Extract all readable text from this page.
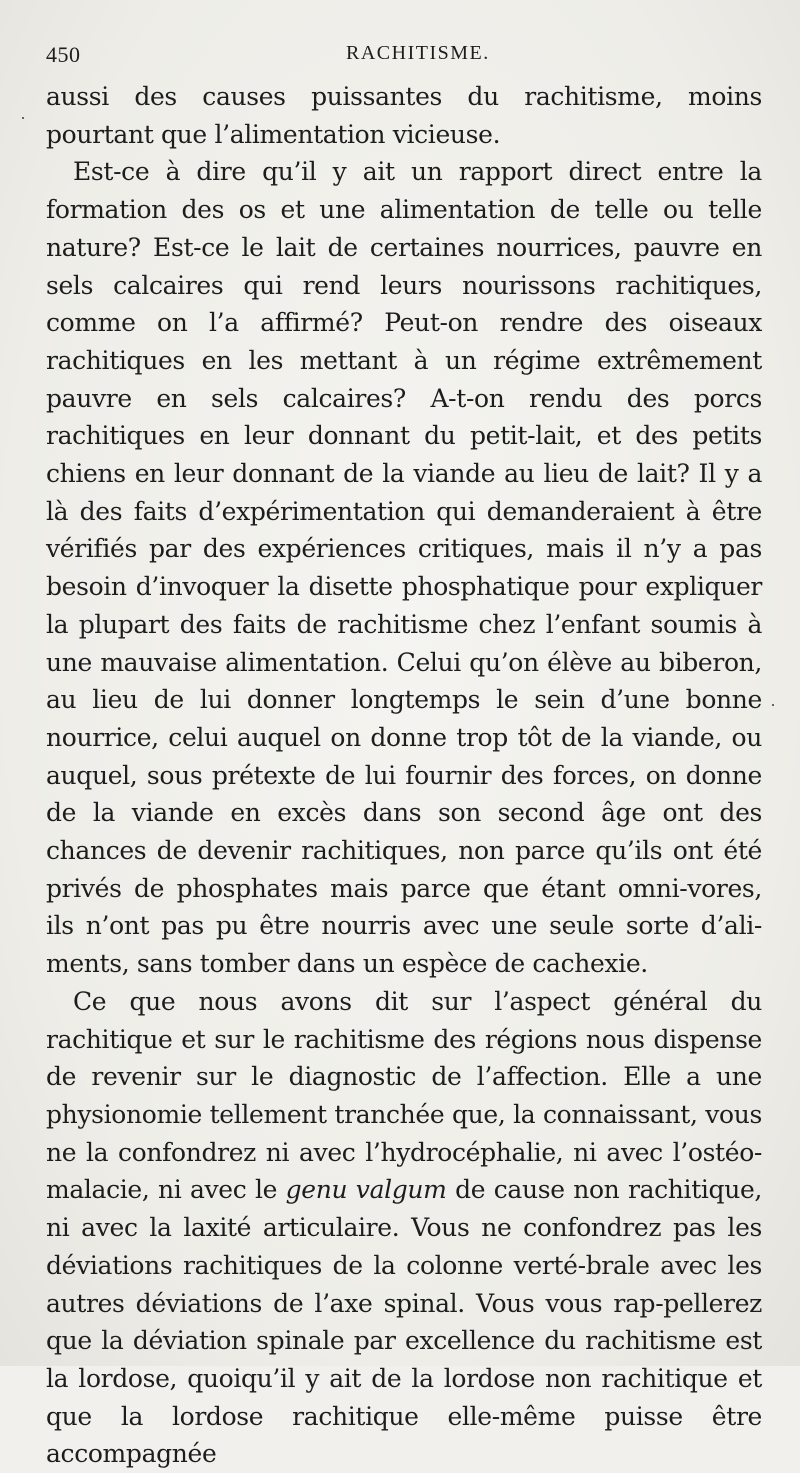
450	RACHITISME.

aussi des causes puissantes du rachitisme, moins pourtant que l’alimentation vicieuse.

Est-ce à dire qu’il y ait un rapport direct entre la formation des os et une alimentation de telle ou telle nature? Est-ce le lait de certaines nourrices, pauvre en sels calcaires qui rend leurs nourissons rachitiques, comme on l’a affirmé? Peut-on rendre des oiseaux rachitiques en les mettant à un régime extrêmement pauvre en sels calcaires? A-t-on rendu des porcs rachitiques en leur donnant du petit-lait, et des petits chiens en leur donnant de la viande au lieu de lait? Il y a là des faits d’expérimentation qui demanderaient à être vérifiés par des expériences critiques, mais il n’y a pas besoin d’invoquer la disette phosphatique pour expliquer la plupart des faits de rachitisme chez l’enfant soumis à une mauvaise alimentation. Celui qu’on élève au biberon, au lieu de lui donner longtemps le sein d’une bonne nourrice, celui auquel on donne trop tôt de la viande, ou auquel, sous prétexte de lui fournir des forces, on donne de la viande en excès dans son second âge ont des chances de devenir rachitiques, non parce qu’ils ont été privés de phosphates mais parce que étant omni-vores, ils n’ont pas pu être nourris avec une seule sorte d’ali-ments, sans tomber dans un espèce de cachexie.

Ce que nous avons dit sur l’aspect général du rachitique et sur le rachitisme des régions nous dispense de revenir sur le diagnostic de l’affection. Elle a une physionomie tellement tranchée que, la connaissant, vous ne la confondrez ni avec l’hydrocéphalie, ni avec l’ostéo-malacie, ni avec le genu valgum de cause non rachitique, ni avec la laxité articulaire. Vous ne confondrez pas les déviations rachitiques de la colonne verté-brale avec les autres déviations de l’axe spinal. Vous vous rap-pellerez que la déviation spinale par excellence du rachitisme est la lordose, quoiqu’il y ait de la lordose non rachitique et que la lordose rachitique elle-même puisse être accompagnée
